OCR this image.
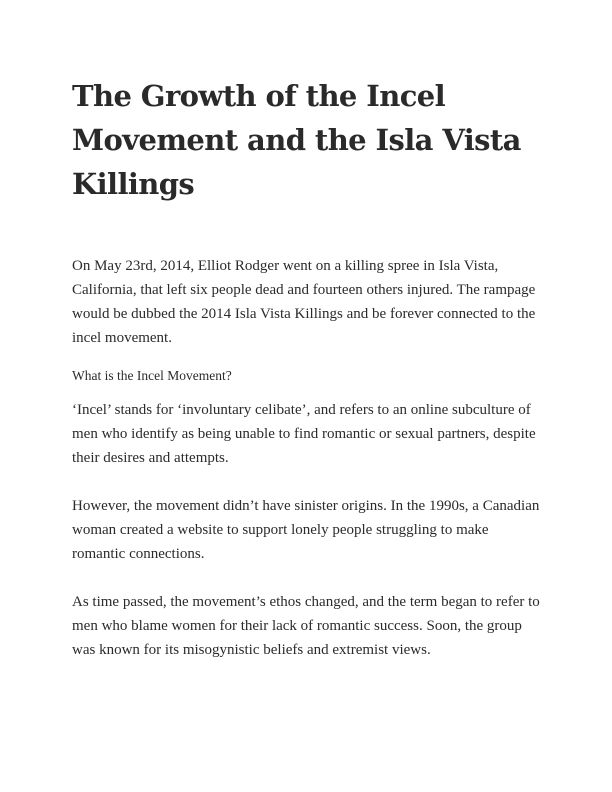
The Growth of the Incel Movement and the Isla Vista Killings

On May 23rd, 2014, Elliot Rodger went on a killing spree in Isla Vista, California, that left six people dead and fourteen others injured. The rampage would be dubbed the 2014 Isla Vista Killings and be forever connected to the incel movement.

What is the Incel Movement?

‘Incel’ stands for ‘involuntary celibate’, and refers to an online subculture of men who identify as being unable to find romantic or sexual partners, despite their desires and attempts.

However, the movement didn’t have sinister origins. In the 1990s, a Canadian woman created a website to support lonely people struggling to make romantic connections.

As time passed, the movement’s ethos changed, and the term began to refer to men who blame women for their lack of romantic success. Soon, the group was known for its misogynistic beliefs and extremist views.
